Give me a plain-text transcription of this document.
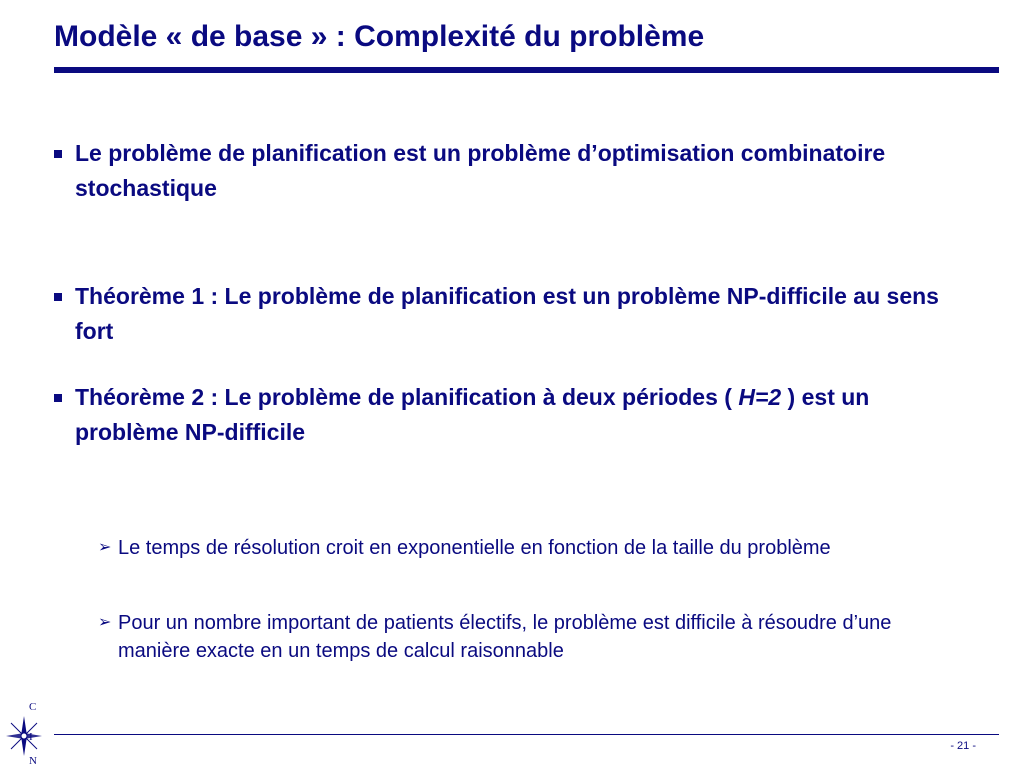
Modèle « de base » : Complexité du problème
Le problème de planification est un problème d’optimisation combinatoire stochastique
Théorème 1 : Le problème de planification est un problème NP-difficile au sens fort
Théorème 2 : Le problème de planification à deux périodes ( H=2 ) est un problème NP-difficile
➢ Le temps de résolution croit en exponentielle en fonction de la taille du problème
➢ Pour un nombre important de patients électifs, le problème est difficile à résoudre d’une manière exacte en un temps de calcul raisonnable
C
N
- 21 -
